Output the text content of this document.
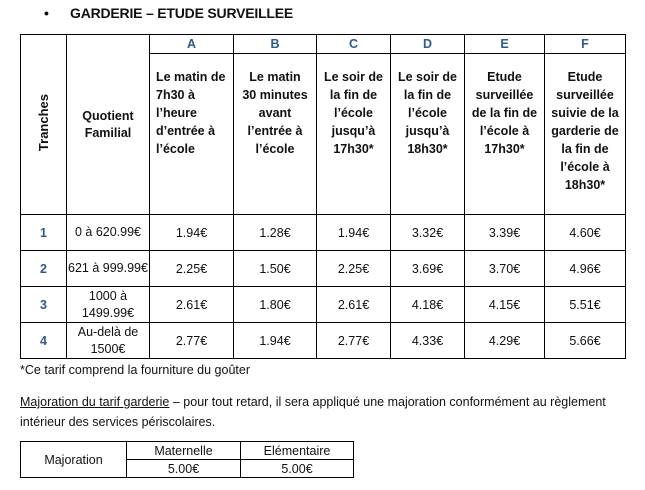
• GARDERIE – ETUDE SURVEILLEE
Tranches	Quotient Familial	A	B	C	D	E	F
		Le matin de 7h30 à l’heure d’entrée à l’école	Le matin 30 minutes avant l’entrée à l’école	Le soir de la fin de l’école jusqu’à 17h30*	Le soir de la fin de l’école jusqu’à 18h30*	Etude surveillée de la fin de l’école à 17h30*	Etude surveillée suivie de la garderie de la fin de l’école à 18h30*
1	0 à 620.99€	1.94€	1.28€	1.94€	3.32€	3.39€	4.60€
2	621 à 999.99€	2.25€	1.50€	2.25€	3.69€	3.70€	4.96€
3	1000 à 1499.99€	2.61€	1.80€	2.61€	4.18€	4.15€	5.51€
4	Au-delà de 1500€	2.77€	1.94€	2.77€	4.33€	4.29€	5.66€
*Ce tarif comprend la fourniture du goûter
Majoration du tarif garderie – pour tout retard, il sera appliqué une majoration conformément au règlement intérieur des services périscolaires.
Majoration	Maternelle	Elémentaire
	5.00€	5.00€
